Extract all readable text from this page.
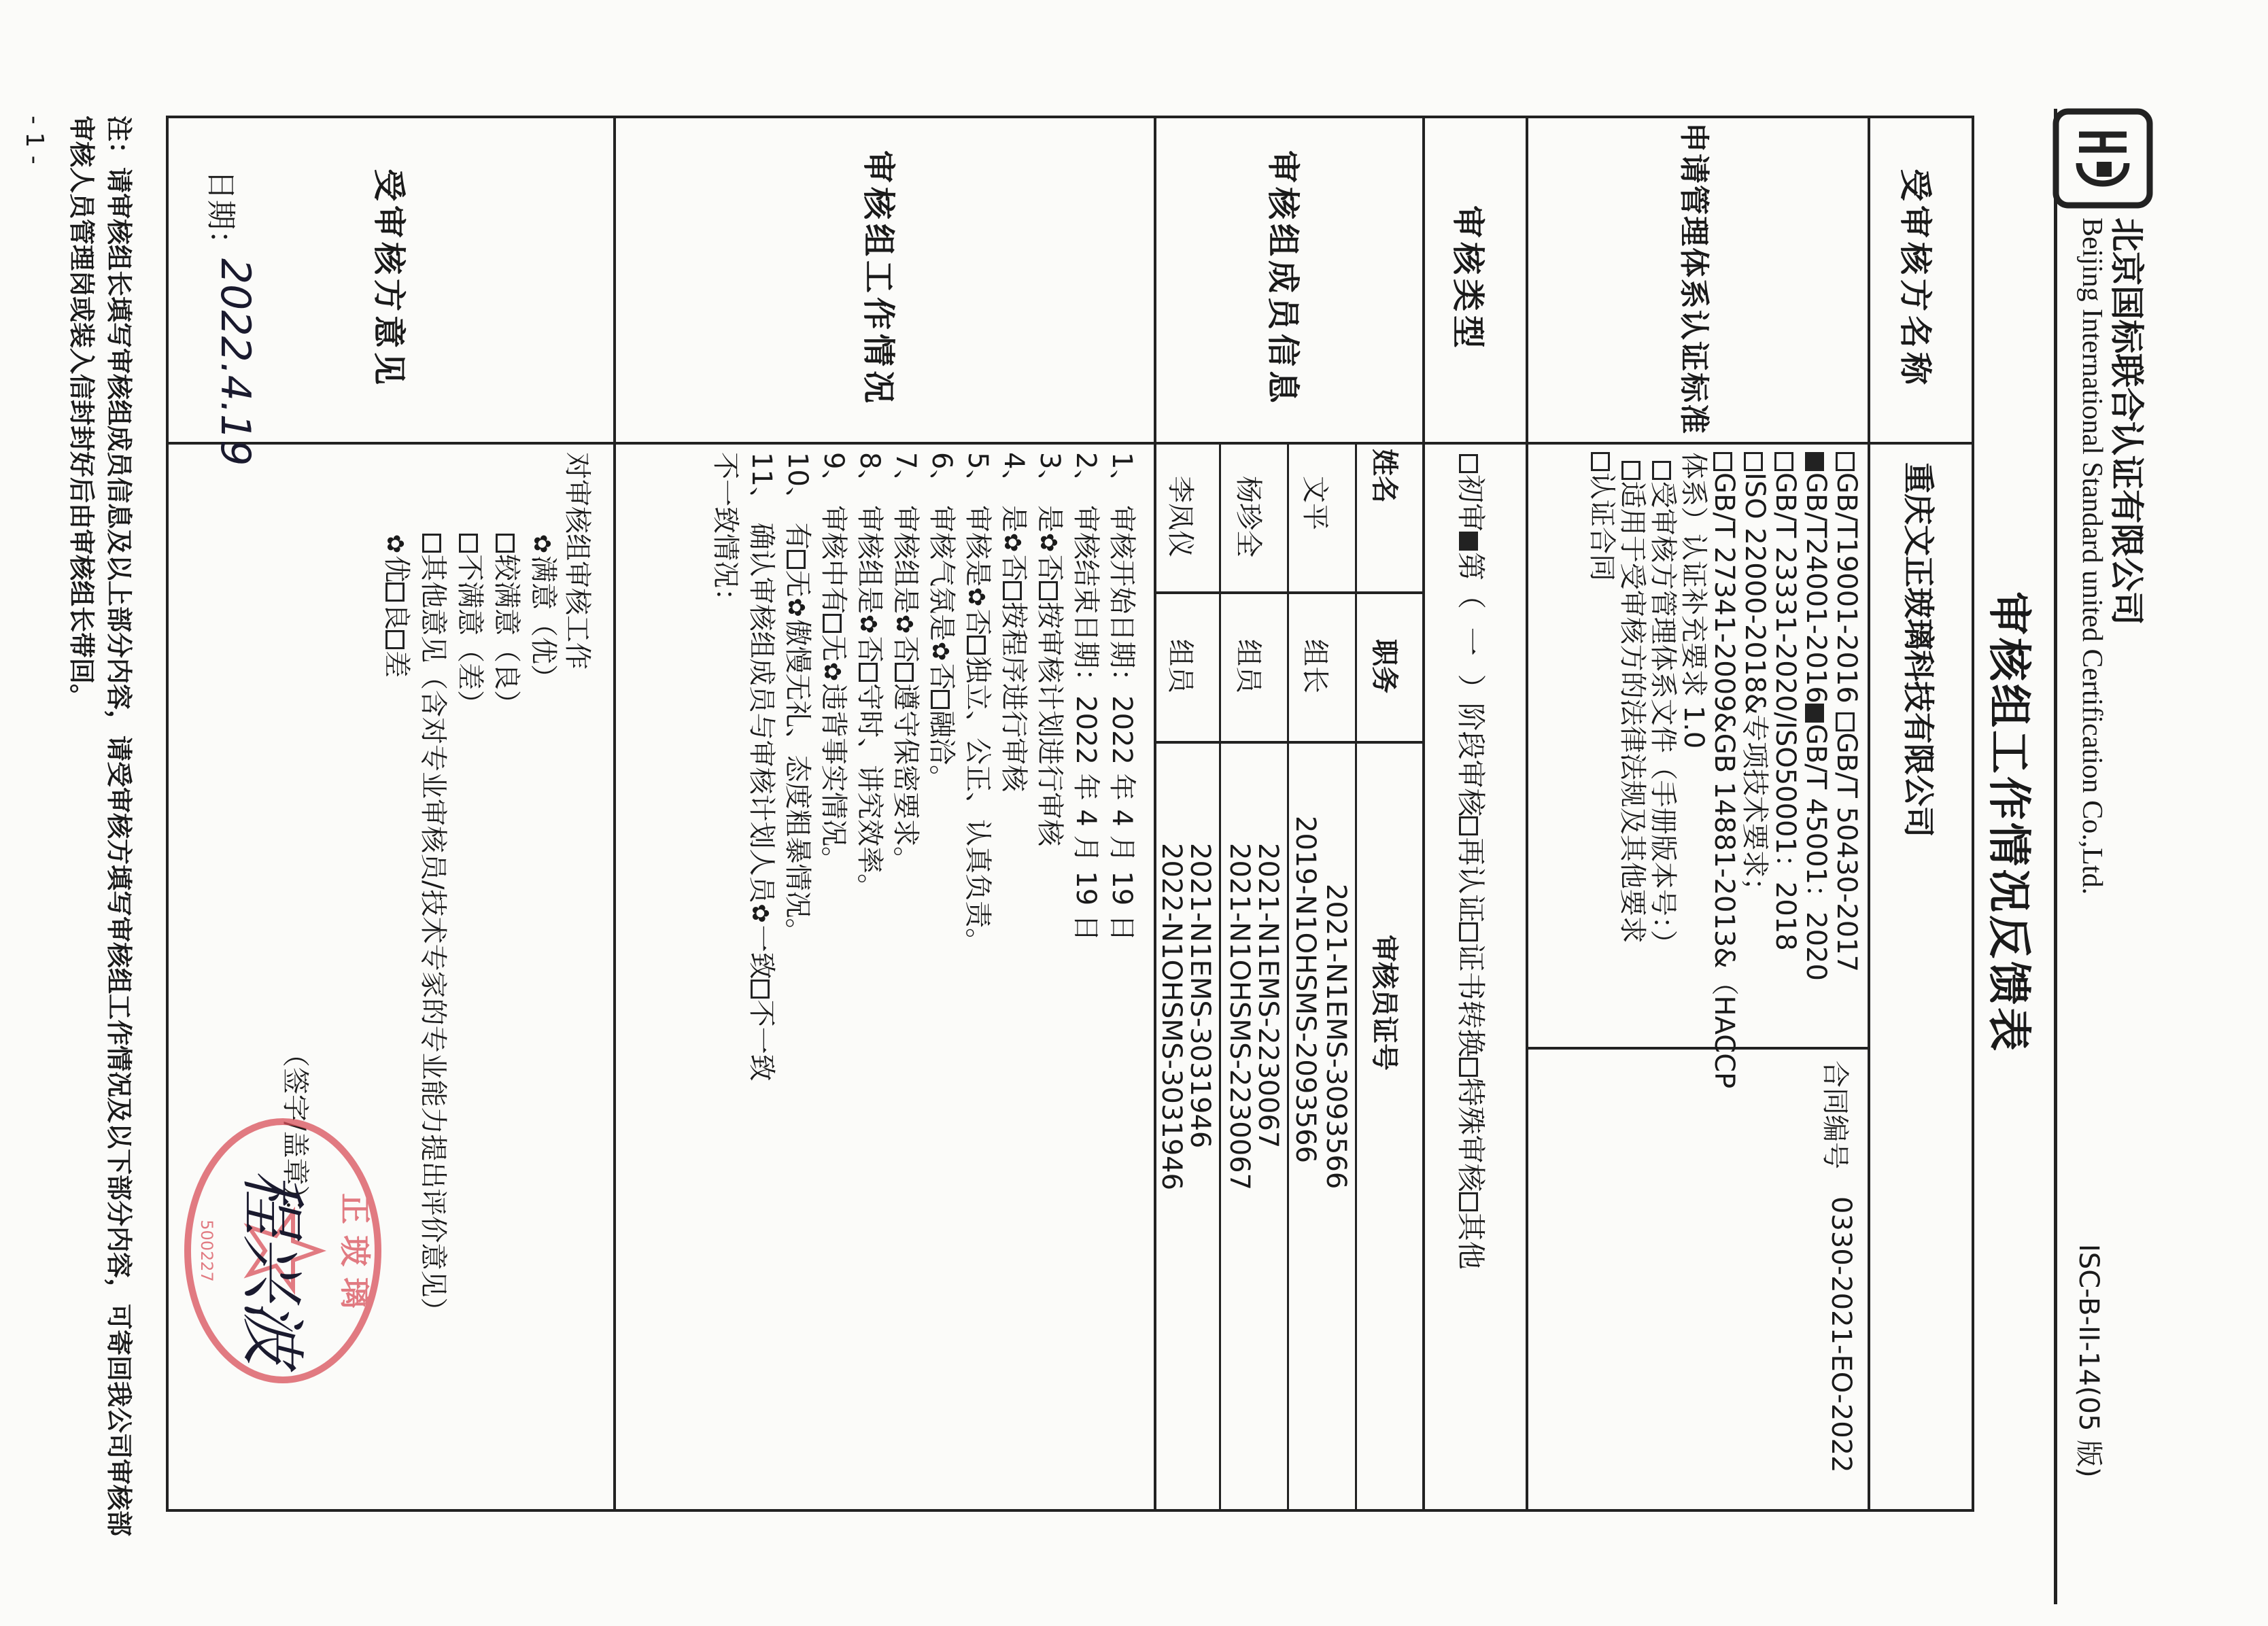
北京国标联合认证有限公司
Beijing International Standard united Certification Co.,Ltd.
ISC-B-II-14(05 版)
审核组工作情况反馈表
受审核方名称
重庆文正玻璃科技有限公司
申请管理体系认证标准
GB/T19001-2016 GB/T 50430-2017
GB/T24001-2016GB/T 45001：2020
GB/T 23331-2020/ISO50001：2018
ISO 22000-2018&专项技术要求；
GB/T 27341-2009&GB 14881-2013&（HACCP
体系）认证补充要求 1.0
受审核方管理体系文件（手册版本号：）
适用于受审核方的法律法规及其他要求
认证合同
合同编号
0330-2021-EO-2022
审核类型
初审第（  一  ）阶段审核再认证证书转换特殊审核其他
审核组成员信息
姓名
职务
审核员证号
文平
组长
2021-N1EMS-3093566
2019-N1OHSMS-2093566
杨珍全
组员
2021-N1EMS-2230067
2021-N1OHSMS-2230067
李凤仪
组员
2021-N1EMS-3031946
2022-N1OHSMS-3031946
审核组工作情况
1、 审核开始日期：2022 年 4 月 19 日
2、 审核结束日期：2022 年 4 月 19 日
3、 是✿否按审核计划进行审核
4、 是✿否按程序进行审核
5、 审核是✿否独立、公正、认真负责。
6、 审核气氛是✿否融洽。
7、 审核组是✿否遵守保密要求。
8、 审核组是✿否守时、讲究效率。
9、 审核中有无✿违背事实情况。
10、 有无✿傲慢无礼、态度粗暴情况。
11、 确认审核组成员与审核计划人员✿一致不一致
不一致情况：
受审核方意见
对审核组审核工作
✿满意（优）
较满意（良）
不满意（差）
其他意见（含对专业审核员/技术专家的专业能力提出评价意见）
✿优良差
（签字/盖章）：
正 玻 璃
500227 程兴波
日期：
2022.4.19
注：请审核组长填写审核组成员信息及以上部分内容，请受审核方填写审核组工作情况及以下部分内容，可寄回我公司审核部
审核人员管理岗或装入信封封好后由审核组长带回。
- 1 -
